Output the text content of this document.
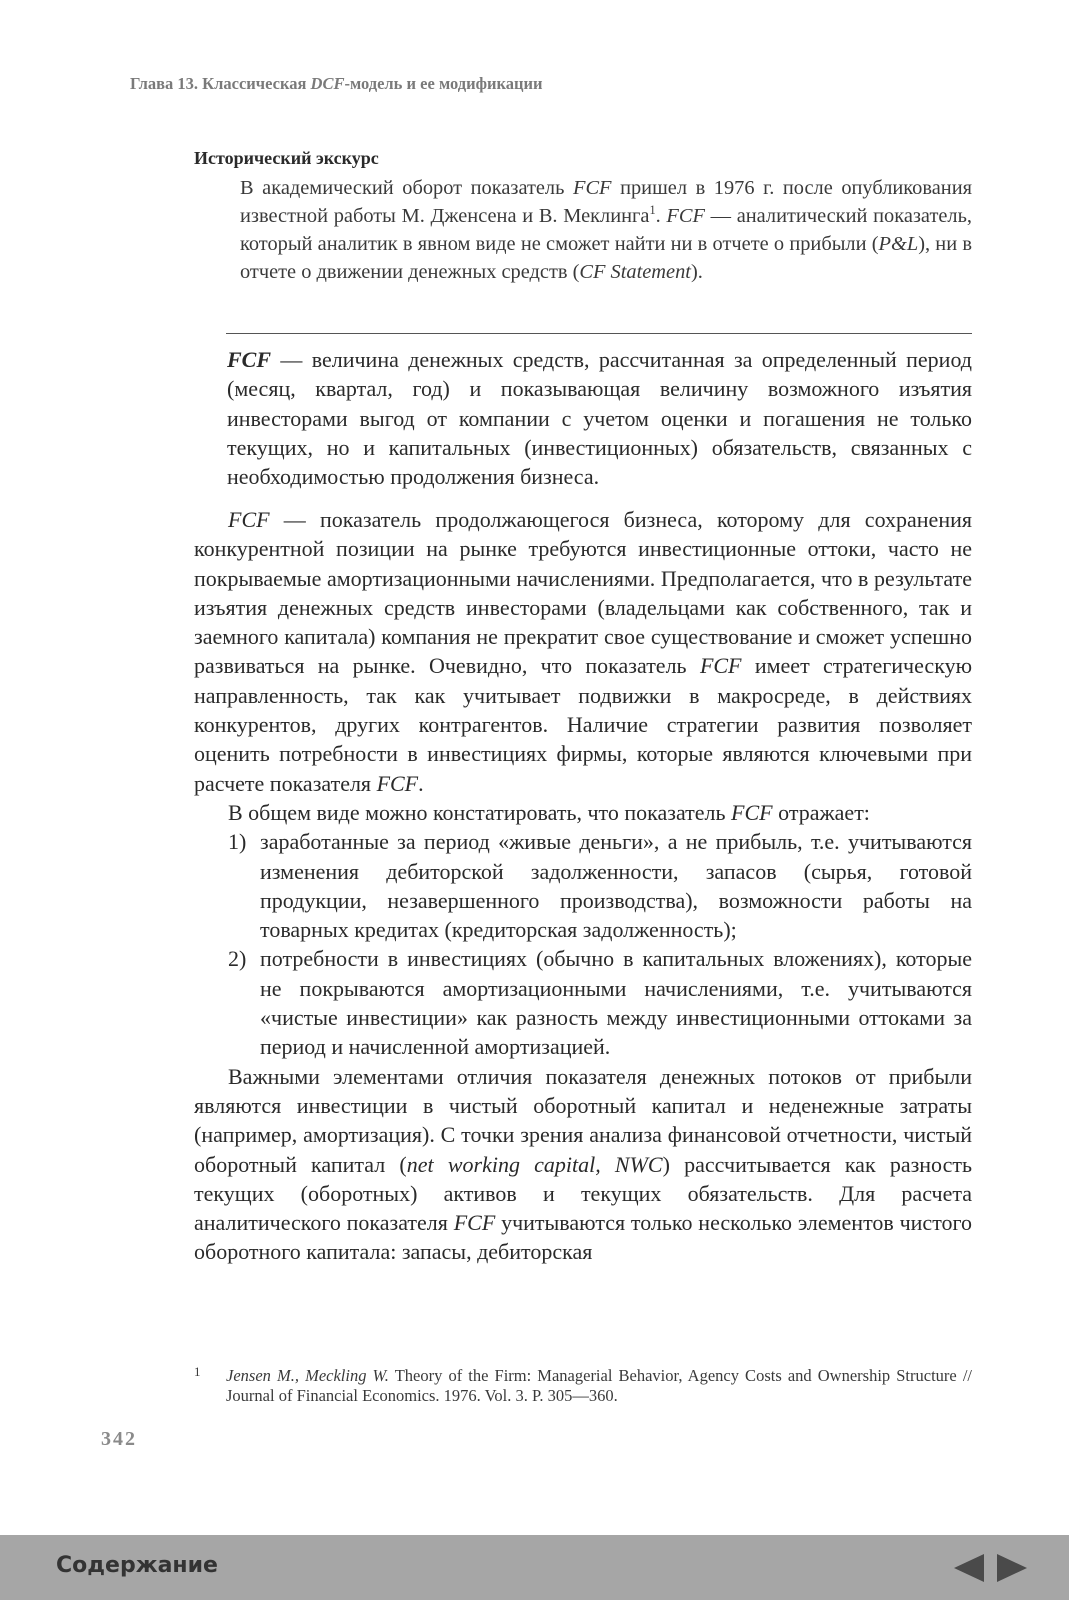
Глава 13. Классическая DCF-модель и ее модификации
Исторический экскурс
В академический оборот показатель FCF пришел в 1976 г. после опубликования известной работы М. Дженсена и В. Меклинга$^1$. FCF — аналитический показатель, который аналитик в явном виде не сможет найти ни в отчете о прибыли (P&L), ни в отчете о движении денежных средств (CF Statement).
FCF — величина денежных средств, рассчитанная за определенный период (месяц, квартал, год) и показывающая величину возможного изъятия инвесторами выгод от компании с учетом оценки и погашения не только текущих, но и капитальных (инвестиционных) обязательств, связанных с необходимостью продолжения бизнеса.

FCF — показатель продолжающегося бизнеса, которому для сохранения конкурентной позиции на рынке требуются инвестиционные оттоки, часто не покрываемые амортизационными начислениями. Предполагается, что в результате изъятия денежных средств инвесторами (владельцами как собственного, так и заемного капитала) компания не прекратит свое существование и сможет успешно развиваться на рынке. Очевидно, что показатель FCF имеет стратегическую направленность, так как учитывает подвижки в макросреде, в действиях конкурентов, других контрагентов. Наличие стратегии развития позволяет оценить потребности в инвестициях фирмы, которые являются ключевыми при расчете показателя FCF.

В общем виде можно констатировать, что показатель FCF отражает:

1) заработанные за период «живые деньги», а не прибыль, т.е. учитываются изменения дебиторской задолженности, запасов (сырья, готовой продукции, незавершенного производства), возможности работы на товарных кредитах (кредиторская задолженность);
2) потребности в инвестициях (обычно в капитальных вложениях), которые не покрываются амортизационными начислениями, т.е. учитываются «чистые инвестиции» как разность между инвестиционными оттоками за период и начисленной амортизацией.

Важными элементами отличия показателя денежных потоков от прибыли являются инвестиции в чистый оборотный капитал и неденежные затраты (например, амортизация). С точки зрения анализа финансовой отчетности, чистый оборотный капитал (net working capital, NWC) рассчитывается как разность текущих (оборотных) активов и текущих обязательств. Для расчета аналитического показателя FCF учитываются только несколько элементов чистого оборотного капитала: запасы, дебиторская

1 Jensen M., Meckling W. Theory of the Firm: Managerial Behavior, Agency Costs and Ownership Structure // Journal of Financial Economics. 1976. Vol. 3. P. 305—360.
342
Содержание
